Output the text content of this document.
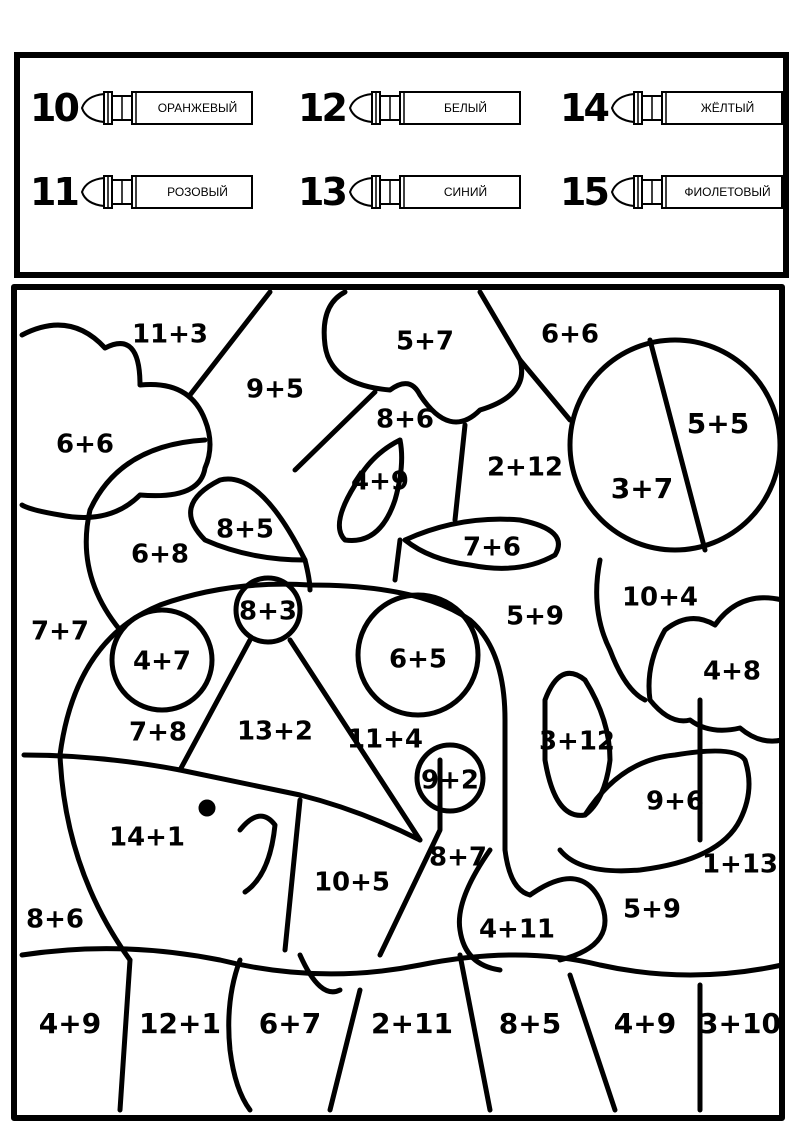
10	ОРАНЖЕВЫЙ	12	БЕЛЫЙ	14	ЖЁЛТЫЙ
11	РОЗОВЫЙ	13	СИНИЙ	15	ФИОЛЕТОВЫЙ
11+3	5+7	6+6
9+5
8+6
6+6
5+5
4+9	2+12
3+7
8+5
6+8	7+6
10+4
8+3
7+7	5+9
4+7	6+5	4+8
13+2 11+4	3+12
7+8
9+2
9+6
14+1
8+7
10+5
1+13
8+6	5+9
4+11
4+9 12+1 6+7 2+11 8+5 4+9 3+10
